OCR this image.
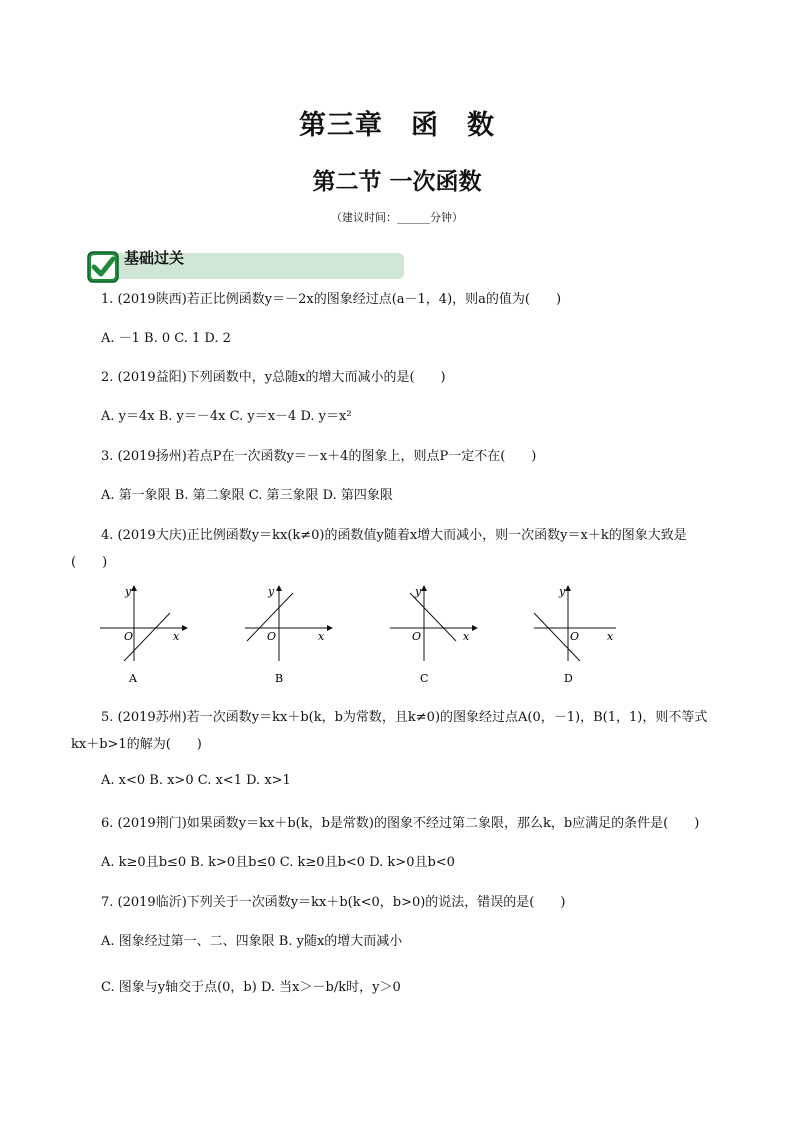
第三章　函　数
第二节 一次函数
（建议时间：______分钟）
基础过关
1. (2019陕西)若正比例函数y＝－2x的图象经过点(a－1，4)，则a的值为(　　)
A. －1 B. 0 C. 1 D. 2
2. (2019益阳)下列函数中，y总随x的增大而减小的是(　　)
A. y＝4x B. y＝－4x C. y＝x－4 D. y＝x²
3. (2019扬州)若点P在一次函数y＝－x＋4的图象上，则点P一定不在(　　)
A. 第一象限 B. 第二象限 C. 第三象限 D. 第四象限
4. (2019大庆)正比例函数y＝kx(k≠0)的函数值y随着x增大而减小，则一次函数y＝x＋k的图象大致是
(　　)
y
x
O
A
y
x
O
B
y
x
O
C
y
x
O
D
5. (2019苏州)若一次函数y＝kx＋b(k，b为常数，且k≠0)的图象经过点A(0，－1)，B(1，1)，则不等式
kx＋b>1的解为(　　)
A. x<0 B. x>0 C. x<1 D. x>1
6. (2019荆门)如果函数y＝kx＋b(k，b是常数)的图象不经过第二象限，那么k，b应满足的条件是(　　)
A. k≥0且b≤0 B. k>0且b≤0 C. k≥0且b<0 D. k>0且b<0
7. (2019临沂)下列关于一次函数y＝kx＋b(k<0，b>0)的说法，错误的是(　　)
A. 图象经过第一、二、四象限 B. y随x的增大而减小
C. 图象与y轴交于点(0，b) D. 当x＞－b/k时，y＞0
